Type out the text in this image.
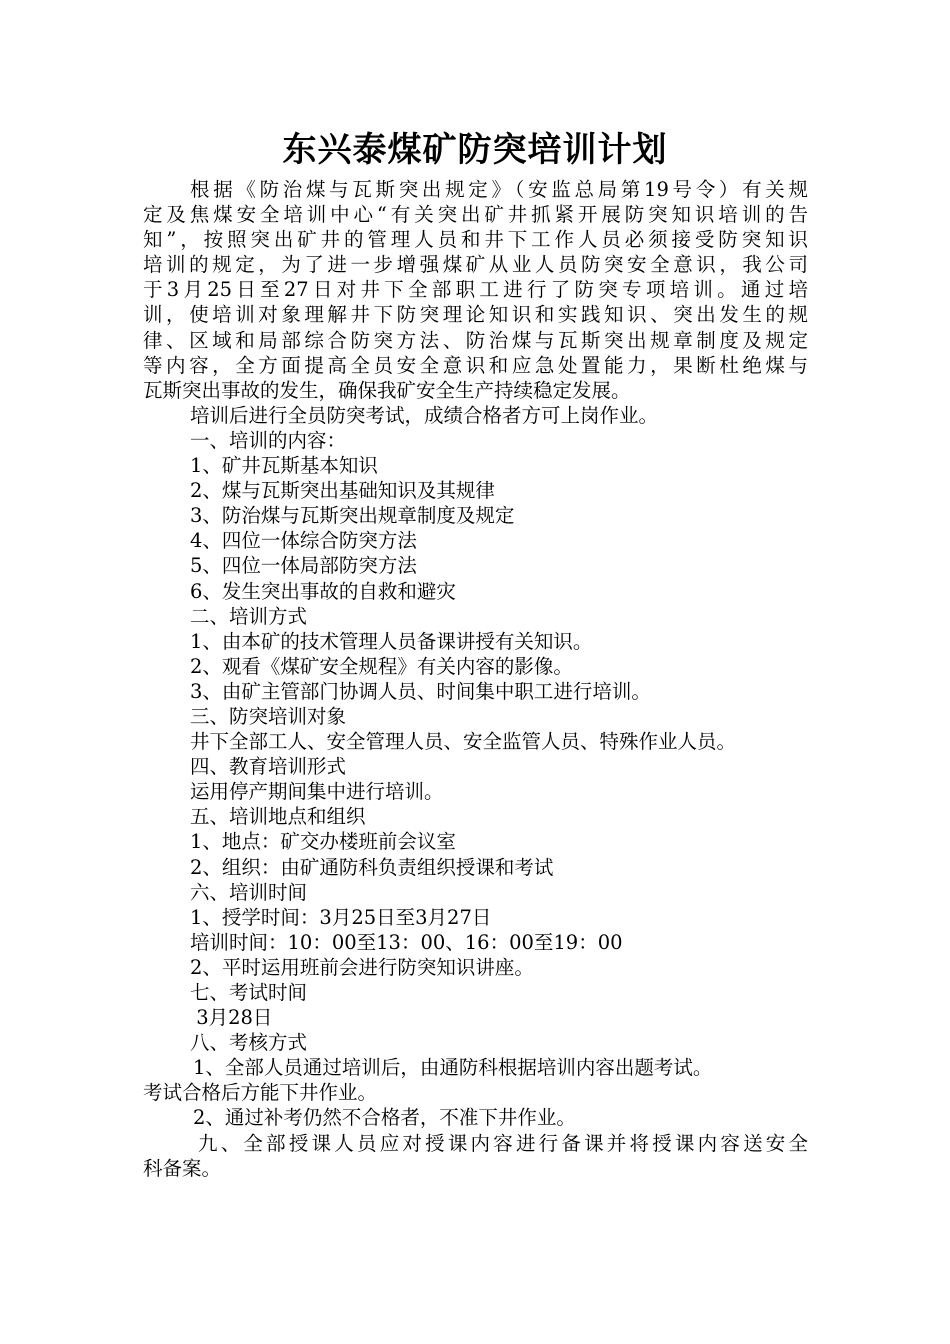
东兴泰煤矿防突培训计划
根据《防治煤与瓦斯突出规定》（安监总局第19号令）有关规
定及焦煤安全培训中心“有关突出矿井抓紧开展防突知识培训的告
知”，按照突出矿井的管理人员和井下工作人员必须接受防突知识
培训的规定，为了进一步增强煤矿从业人员防突安全意识，我公司
于3月25日至27日对井下全部职工进行了防突专项培训。通过培
训，使培训对象理解井下防突理论知识和实践知识、突出发生的规
律、区域和局部综合防突方法、防治煤与瓦斯突出规章制度及规定
等内容，全方面提高全员安全意识和应急处置能力，果断杜绝煤与
瓦斯突出事故的发生，确保我矿安全生产持续稳定发展。
培训后进行全员防突考试，成绩合格者方可上岗作业。
一、培训的内容：
1、矿井瓦斯基本知识
2、煤与瓦斯突出基础知识及其规律
3、防治煤与瓦斯突出规章制度及规定
4、四位一体综合防突方法
5、四位一体局部防突方法
6、发生突出事故的自救和避灾
二、培训方式
1、由本矿的技术管理人员备课讲授有关知识。
2、观看《煤矿安全规程》有关内容的影像。
3、由矿主管部门协调人员、时间集中职工进行培训。
三、防突培训对象
井下全部工人、安全管理人员、安全监管人员、特殊作业人员。
四、教育培训形式
运用停产期间集中进行培训。
五、培训地点和组织
1、地点：矿交办楼班前会议室
2、组织：由矿通防科负责组织授课和考试
六、培训时间
1、授学时间：3月25日至3月27日
培训时间：10：00至13：00、16：00至19：00
2、平时运用班前会进行防突知识讲座。
七、考试时间
3月28日
八、考核方式
1、全部人员通过培训后，由通防科根据培训内容出题考试。
考试合格后方能下井作业。
2、通过补考仍然不合格者，不准下井作业。
九、全部授课人员应对授课内容进行备课并将授课内容送安全
科备案。
